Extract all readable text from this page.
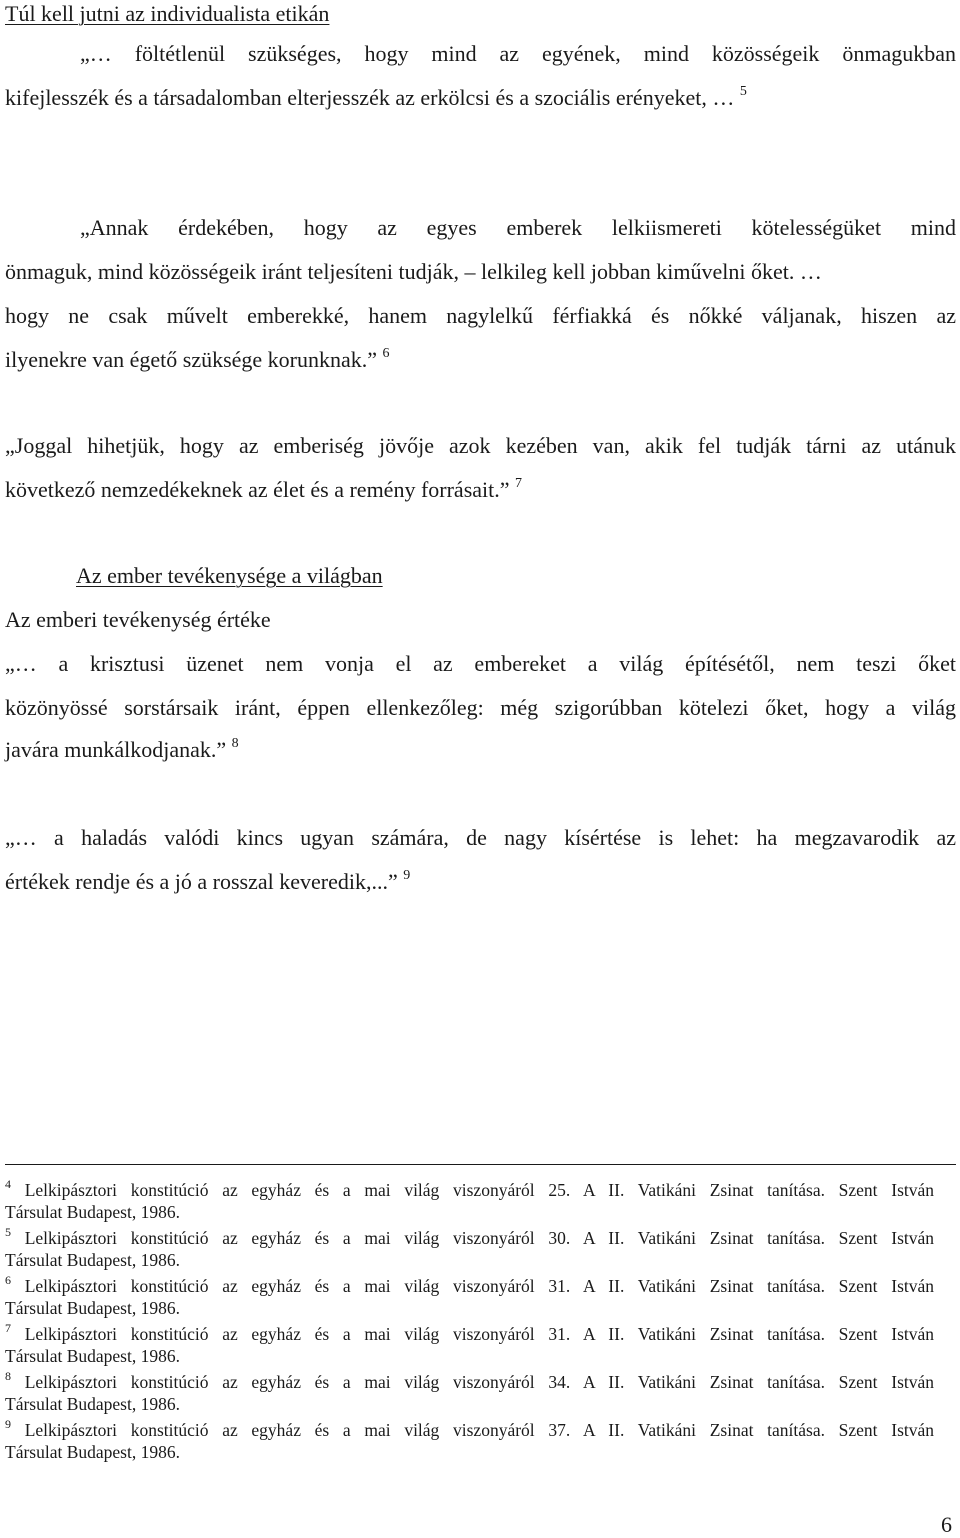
Túl kell jutni az individualista etikán
„… föltétlenül szükséges, hogy mind az egyének, mind közösségeik önmagukban
kifejlesszék és a társadalomban elterjesszék az erkölcsi és a szociális erényeket, … $^5$
„Annak érdekében, hogy az egyes emberek lelkiismereti kötelességüket mind
önmaguk, mind közösségeik iránt teljesíteni tudják, – lelkileg kell jobban kiművelni őket. …
hogy ne csak művelt emberekké, hanem nagylelkű férfiakká és nőkké váljanak, hiszen az
ilyenekre van égető szüksége korunknak.” $^6$
„Joggal hihetjük, hogy az emberiség jövője azok kezében van, akik fel tudják tárni az utánuk
következő nemzedékeknek az élet és a remény forrásait.” $^7$
Az ember tevékenysége a világban
Az emberi tevékenység értéke
„… a krisztusi üzenet nem vonja el az embereket a világ építésétől, nem teszi őket
közönyössé sorstársaik iránt, éppen ellenkezőleg: még szigorúbban kötelezi őket, hogy a világ
javára munkálkodjanak.” $^8$
„… a haladás valódi kincs ugyan számára, de nagy kísértése is lehet: ha megzavarodik az
értékek rendje és a jó a rosszal keveredik,...” $^9$
$^4$ Lelkipásztori konstitúció az egyház és a mai világ viszonyáról 25. A II. Vatikáni Zsinat tanítása. Szent István
Társulat Budapest, 1986.
$^5$ Lelkipásztori konstitúció az egyház és a mai világ viszonyáról 30. A II. Vatikáni Zsinat tanítása. Szent István
Társulat Budapest, 1986.
$^6$ Lelkipásztori konstitúció az egyház és a mai világ viszonyáról 31. A II. Vatikáni Zsinat tanítása. Szent István
Társulat Budapest, 1986.
$^7$ Lelkipásztori konstitúció az egyház és a mai világ viszonyáról 31. A II. Vatikáni Zsinat tanítása. Szent István
Társulat Budapest, 1986.
$^8$ Lelkipásztori konstitúció az egyház és a mai világ viszonyáról 34. A II. Vatikáni Zsinat tanítása. Szent István
Társulat Budapest, 1986.
$^9$ Lelkipásztori konstitúció az egyház és a mai világ viszonyáról 37. A II. Vatikáni Zsinat tanítása. Szent István
Társulat Budapest, 1986.
6
